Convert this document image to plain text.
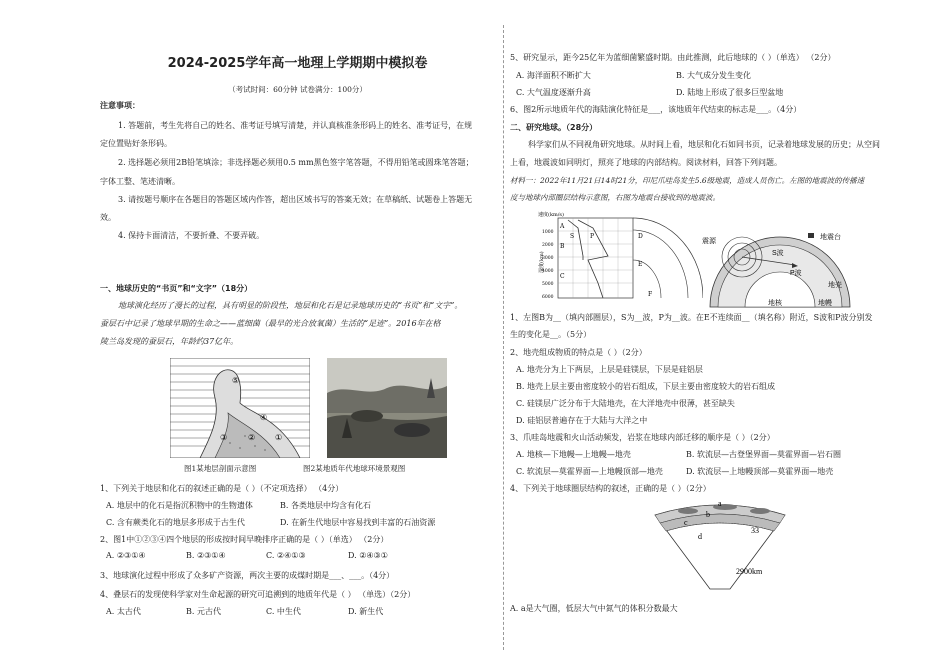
2024-2025学年高一地理上学期期中模拟卷
（考试时间：60分钟 试卷满分：100分）
注意事项：
1. 答题前，考生先将自己的姓名、准考证号填写清楚，并认真核准条形码上的姓名、准考证号，在规
定位置贴好条形码。
2. 选择题必须用2B铅笔填涂；非选择题必须用0.5 mm黑色签字笔答题，不得用铅笔或圆珠笔答题；
字体工整、笔迹清晰。
3. 请按题号顺序在各题目的答题区域内作答，超出区域书写的答案无效；在草稿纸、试题卷上答题无
效。
4. 保持卡面清洁，不要折叠、不要弄破。
一、地球历史的“书页”和“文字”（18分）
地球演化经历了漫长的过程，具有明显的阶段性，地层和化石是记录地球历史的“书页”和“文字”。
蚕层石中记录了地球早期的生命之——蓝细菌（最早的光合放氧菌）生活的“足迹”。2016年在格
陵兰岛发现的蚕层石，年龄约37亿年。
⑤
④
③	② ①
图1某地层剖面示意图	图2某地质年代地球环境景观图
1、下列关于地层和化石的叙述正确的是（ ）（不定项选择） （4分）
A. 地层中的化石是指沉积物中的生物遗体	B. 各类地层中均含有化石
C. 含有蕨类化石的地层多形成于古生代	D. 在新生代地层中容易找到丰富的石油资源
2、图1中①②③④四个地层的形成按时间早晚排序正确的是（ ）（单选） （2分）
A. ②③①④	B. ②③①④	C. ②④①③	D. ②④③①
3、地球演化过程中形成了众多矿产资源，两次主要的成煤时期是___、___。（4分）
4、叠层石的发现使科学家对生命起源的研究可追溯到的地质年代是（ ） （单选）（2分）
A. 太古代	B. 元古代	C. 中生代	D. 新生代
5、研究显示，距今25亿年为蓝细菌繁盛时期。由此推测，此后地球的（ ）（单选） （2分）
A. 海洋面积不断扩大	B. 大气成分发生变化
C. 大气温度逐渐升高	D. 陆地上形成了很多巨型盆地
6、图2所示地质年代的海陆演化特征是___，该地质年代结束的标志是___。（4分）
二、研究地球。（28分）
科学家们从不同视角研究地球。从时间上看，地层和化石如同书页，记录着地球发展的历史；从空间
上看，地震波如同明灯，照亮了地球的内部结构。阅读材料，回答下列问题。
材料一：2022年11月21日14时21分，印尼爪哇岛发生5.6级地震，造成人员伤亡。左图的地震波的传播速
度与地球内部圈层结构示意图，右图为地震台接收到的地震波。
速度(km/s)
深度(km)
1000
2000
3000
4000
5000
6000
S	P
A
B
C
D
E
F
震源
地震台
S波
P波
地壳
地核	地幔
1、左图B为__（填内部圈层），S为__波，P为__波。在E不连续面__（填名称）附近，S波和P波分别发
生的变化是__。（5分）
2、地壳组成物质的特点是（ ）（2分）
A. 地壳分为上下两层，上层是硅镁层，下层是硅铝层
B. 地壳上层主要由密度较小的岩石组成，下层主要由密度较大的岩石组成
C. 硅镁层广泛分布于大陆地壳，在大洋地壳中很薄，甚至缺失
D. 硅铝层普遍存在于大陆与大洋之中
3、爪哇岛地震和火山活动频发，岩浆在地球内部迁移的顺序是（ ）（2分）
A. 地核—下地幔—上地幔—地壳	B. 软流层—古登堡界面—莫霍界面—岩石圈
C. 软流层—莫霍界面—上地幔顶部—地壳	D. 软流层—上地幔顶部—莫霍界面—地壳
4、下列关于地球圈层结构的叙述，正确的是（ ）（2分）
a
b
c
d
33
2900km
A. a是大气圈，低层大气中氮气的体积分数最大
